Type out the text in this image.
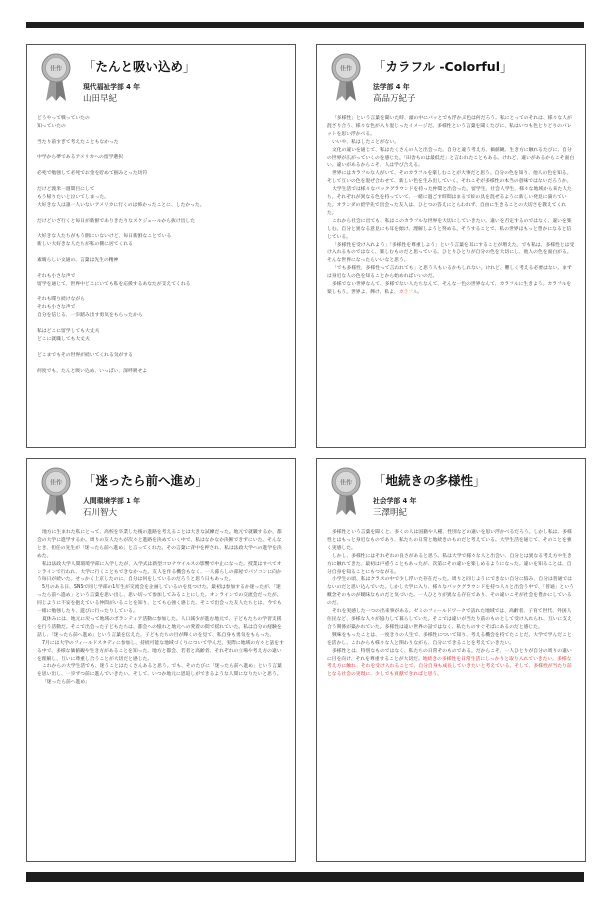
佳作 「たんと吸い込め」
現代福祉学部 4 年
山田早紀
どうやって戦っていたの
知っていたの
当たり前すぎて考えたこともなかった
中学から夢であるアメリカへの留学選択
必死で勉強して必死でお金を貯めて掴みとった切符
だけど渡米一週間目にして
もう帰りたいと泣いてしまった。
大好きな人は誰一人いないアメリカに行くのは怖かったことに、したかった。
だけどいざ行くと毎日が新鮮でありきたりなスケジュールから抜け出した
大好きな人たちがもう側にいないけど、毎日新鮮なことでいる
新しい大好きな人たちが私の側に居てくれる
素晴らしい文通の、言葉は先生の精神
それも小さな声で
留学を通じて、世界中どこにいても私を応援するあなたが支えてくれる
それも喋り続けながら
それも小さな声で
自分を信じる、一歩踏み出す勇気をもらったから
私はどこに留学しても大丈夫
どこに就職しても大丈夫
どこまでもその世界が続いてくれる気がする
何度でも、たんと吸い込め、いっぱい、深呼吸せよ
佳作 「カラフル -Colorful」
法学部 4 年
高品万紀子

「多様性」という言葉を聞いた時、頭の中にパッとでも浮かぶ色は何だろう。私にとってのそれは、様々な人が混ざり合う、様々な色が入り混じったイメージだ。多様性という言葉を聞くたびに、私はいつも色とりどりのパレットを思い浮かべる。

いいや、私はしたことがない。

文化の違いを通じて、私はたくさんの人と出会った。自分と違う考え方、価値観、生き方に触れるたびに、自分の世界が広がっていくのを感じた。「田舎ものは最低だ」と言われたこともある。けれど、違いがあるからこそ面白い。違いがあるからこそ、人は学び合える。

世界にはカラフルな人がいて、そのカラフルを楽しむことが大事だと思う。自分の色を知り、他人の色を知る。そして互いの色を混ぜ合わせて、新しい色を生み出していく。それこそが多様性の本当の意味ではないだろうか。

大学生活では様々なバックグラウンドを持った仲間と出会った。留学生、社会人学生、様々な地域から来た人たち。それぞれが異なる色を持っていて、一緒に過ごす時間はまるで絵の具を混ぜるように新しい発見に満ちていた。オランダの留学先で出会った友人は、ひとつの答えにとらわれず、自由に生きることの大切さを教えてくれた。

これから社会に出ても、私はこのカラフルな世界を大切にしていきたい。違いを否定するのではなく、違いを楽しむ。自分と異なる意見にも耳を傾け、理解しようと努める。そうすることで、私の世界はもっと豊かになると信じている。

「多様性を受け入れよう」「多様性を尊重しよう」という言葉を耳にすることが増えた。でも私は、多様性とは受け入れるものではなく、楽しむものだと思っている。ひとりひとりが自分の色を大切にし、他人の色を面白がる。そんな世界になったらいいなと思う。

「でも多様性、多様性って言われても」と思う人もいるかもしれない。けれど、難しく考える必要はない。まずは身近な人の色を知ることから始めればいいのだ。

多様でない世界なんて、多様でない人たちなんて、そんな一色の世界なんて、カラフルに生きよう。カラフルを楽しもう。世界よ、輝け、私よ、カラフル。

佳作 「迷ったら前へ進め」
人間環境学部 1 年
石川智大

地方に生まれた私にとって、高校を卒業した後の進路を考えることは大きな試練だった。地元で就職するか、都会の大学に進学するか。周りの友人たちが次々と進路を決めていく中で、私はなかなか決断できずにいた。そんなとき、担任の先生が「迷ったら前へ進め」と言ってくれた。その言葉に背中を押され、私は法政大学への進学を決めた。

私は法政大学人間環境学部に入学したが、入学式は新型コロナウイルスの影響で中止になった。授業はすべてオンラインで行われ、大学に行くこともできなかった。友人を作る機会もなく、一人暮らしの部屋でパソコンに向かう毎日が続いた。せっかく上京したのに、自分は何をしているのだろうと思う日もあった。

5月のある日、SNSで同じ学部の1年生が交流会を企画しているのを見つけた。最初は参加するか迷ったが、「迷ったら前へ進め」という言葉を思い出し、思い切って参加してみることにした。オンラインでの交流会だったが、同じように不安を抱えている仲間がいることを知り、とても心強く感じた。そこで出会った友人たちとは、今でも一緒に勉強したり、遊びに行ったりしている。

夏休みには、地元に戻って地域のボランティア活動に参加した。人口減少が進む地元で、子どもたちの学習支援を行う活動だ。そこで出会った子どもたちは、都会への憧れと地元への愛着の間で揺れていた。私は自分の経験を話し、「迷ったら前へ進め」という言葉を伝えた。子どもたちの目が輝くのを見て、私自身も勇気をもらった。

7月には大学のフィールドスタディに参加し、持続可能な地域づくりについて学んだ。実際に地域の方々と話をする中で、多様な価値観や生き方があることを知った。地方と都会、若者と高齢者、それぞれの立場や考え方の違いを理解し、互いに尊重し合うことが大切だと感じた。

これからの大学生活でも、迷うことはたくさんあると思う。でも、そのたびに「迷ったら前へ進め」という言葉を思い出し、一歩ずつ前に進んでいきたい。そして、いつか地元に恩返しができるような人間になりたいと思う。

「迷ったら前へ進め」

佳作 「地続きの多様性」
社会学部 4 年
三澤明紀

多様性という言葉を聞くと、多くの人は国籍や人種、性別などの違いを思い浮かべるだろう。しかし私は、多様性とはもっと身近なものであり、私たちの日常と地続きのものだと考えている。大学生活を通じて、そのことを強く実感した。

しかし、多様性にはそれぞれの良さがあると思う。私は大学で様々な人と出会い、自分とは異なる考え方や生き方に触れてきた。最初は戸惑うこともあったが、次第にその違いを楽しめるようになった。違いを知ることは、自分自身を知ることにもつながる。

小学生の頃、私はクラスの中で少し浮いた存在だった。周りと同じようにできない自分に悩み、自分は普通ではないのだと思い込んでいた。しかし大学に入り、様々なバックグラウンドを持つ人々と出会う中で、「普通」という概念そのものが曖昧なものだと気づいた。一人ひとりが異なる存在であり、その違いこそが社会を豊かにしているのだ。

それを実感した一つの出来事がある。ゼミのフィールドワークで訪れた地域では、高齢者、子育て世代、外国人住民など、多様な人々が協力して暮らしていた。そこでは違いが当たり前のものとして受け入れられ、互いに支え合う関係が築かれていた。多様性は遠い世界の話ではなく、私たちのすぐそばにあるのだと感じた。

興味をもったことは、一度きりの人生で、多様性について知り、考える機会を持てたことだ。大学で学んだことを活かし、これからも様々な人と関わりながら、自分にできることを考えていきたい。

多様性とは、特別なものではなく、私たちの日常そのものである。だからこそ、一人ひとりが自分の周りの違いに目を向け、それを尊重することが大切だ。地続きの多様性を日常生活にしっかりと取り入れていきたい。多様な考え方に触れ、それを受け入れることで、自分自身も成長していきたいと考えている。そして、多様性が当たり前となる社会の実現に、少しでも貢献できればと思う。
